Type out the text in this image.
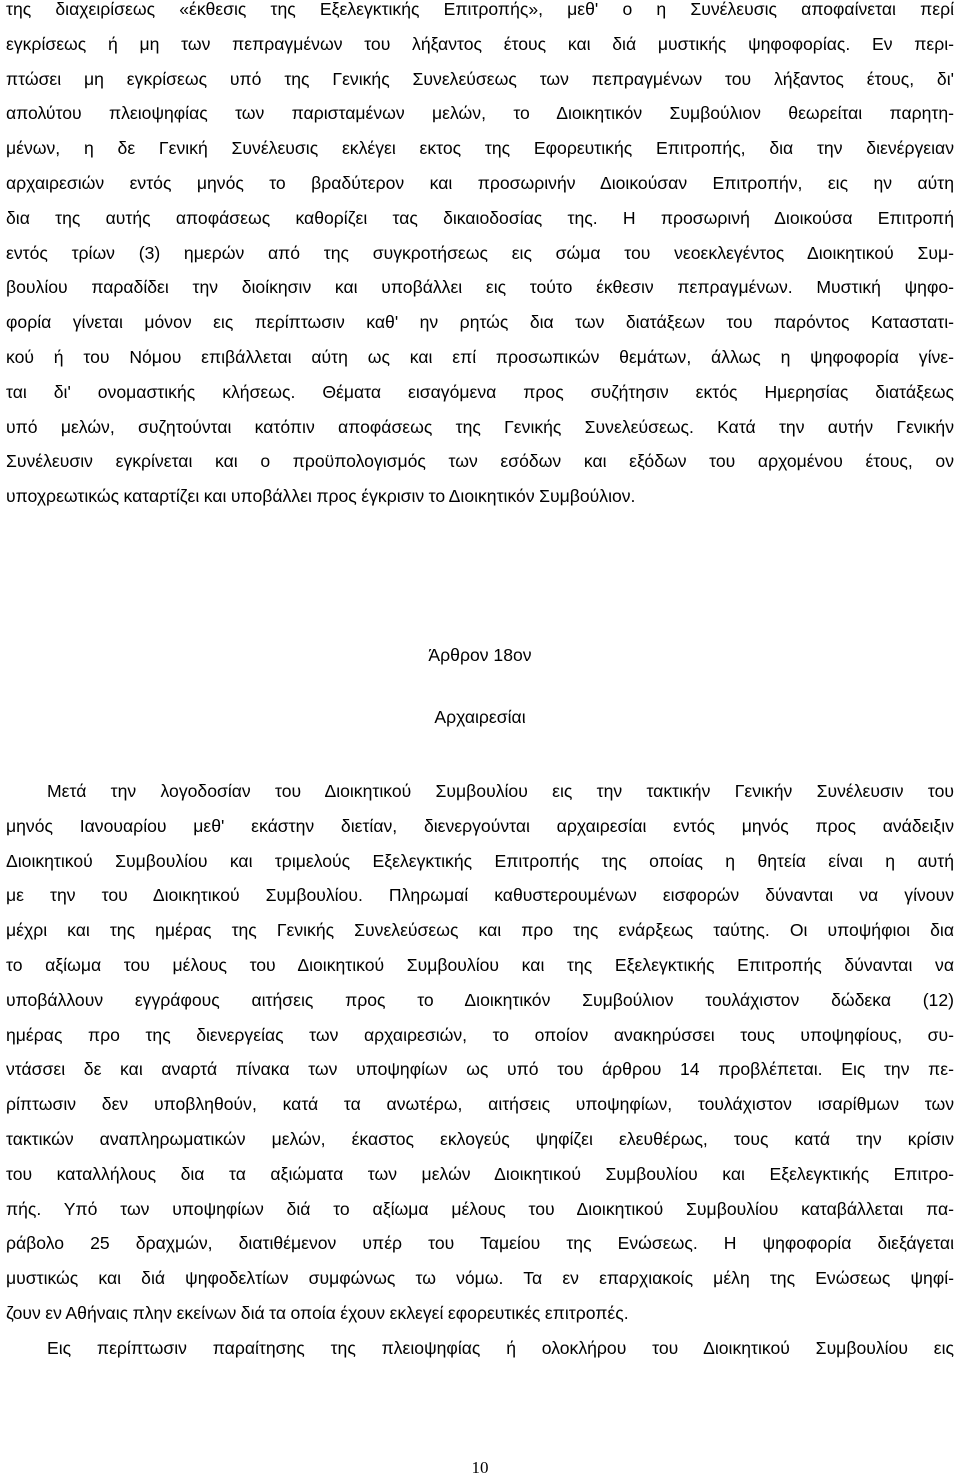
της διαχειρίσεως «έκθεσις της Εξελεγκτικής Επιτροπής», μεθ' ο η Συνέλευσις αποφαίνεται περί
εγκρίσεως ή μη των πεπραγμένων του λήξαντος έτους και διά μυστικής ψηφοφορίας. Εν περι-
πτώσει μη εγκρίσεως υπό της Γενικής Συνελεύσεως των πεπραγμένων του λήξαντος έτους, δι'
απολύτου πλειοψηφίας των παρισταμένων μελών, το Διοικητικόν Συμβούλιον θεωρείται παρητη-
μένων, η δε Γενική Συνέλευσις εκλέγει εκτος της Εφορευτικής Επιτροπής, δια την διενέργειαν
αρχαιρεσιών εντός μηνός το βραδύτερον και προσωρινήν Διοικούσαν Επιτροπήν, εις ην αύτη
δια της αυτής αποφάσεως καθορίζει τας δικαιοδοσίας της. Η προσωρινή Διοικούσα Επιτροπή
εντός τρίων (3) ημερών από της συγκροτήσεως εις σώμα του νεοεκλεγέντος Διοικητικού Συμ-
βουλίου παραδίδει την διοίκησιν και υποβάλλει εις τούτο έκθεσιν πεπραγμένων. Μυστική ψηφο-
φορία γίνεται μόνον εις περίπτωσιν καθ' ην ρητώς δια των διατάξεων του παρόντος Καταστατι-
κού ή του Νόμου επιβάλλεται αύτη ως και επί προσωπικών θεμάτων, άλλως η ψηφοφορία γίνε-
ται δι' ονομαστικής κλήσεως. Θέματα εισαγόμενα προς συζήτησιν εκτός Ημερησίας διατάξεως
υπό μελών, συζητούνται κατόπιν αποφάσεως της Γενικής Συνελεύσεως. Κατά την αυτήν Γενικήν
Συνέλευσιν εγκρίνεται και ο προϋπολογισμός των εσόδων και εξόδων του αρχομένου έτους, ον
υποχρεωτικώς καταρτίζει και υποβάλλει προς έγκρισιν το Διοικητικόν Συμβούλιον.
Άρθρον 18ον
Αρχαιρεσίαι
Μετά την λογοδοσίαν του Διοικητικού Συμβουλίου εις την τακτικήν Γενικήν Συνέλευσιν του
μηνός Ιανουαρίου μεθ' εκάστην διετίαν, διενεργούνται αρχαιρεσίαι εντός μηνός προς ανάδειξιν
Διοικητικού Συμβουλίου και τριμελούς Εξελεγκτικής Επιτροπής της οποίας η θητεία είναι η αυτή
με την του Διοικητικού Συμβουλίου. Πληρωμαί καθυστερουμένων εισφορών δύνανται να γίνουν
μέχρι και της ημέρας της Γενικής Συνελεύσεως και προ της ενάρξεως ταύτης. Οι υποψήφιοι δια
το αξίωμα του μέλους του Διοικητικού Συμβουλίου και της Εξελεγκτικής Επιτροπής δύνανται να
υποβάλλουν εγγράφους αιτήσεις προς το Διοικητικόν Συμβούλιον τουλάχιστον δώδεκα (12)
ημέρας προ της διενεργείας των αρχαιρεσιών, το οποίον ανακηρύσσει τους υποψηφίους, συ-
ντάσσει δε και αναρτά πίνακα των υποψηφίων ως υπό του άρθρου 14 προβλέπεται. Εις την πε-
ρίπτωσιν δεν υποβληθούν, κατά τα ανωτέρω, αιτήσεις υποψηφίων, τουλάχιστον ισαρίθμων των
τακτικών αναπληρωματικών μελών, έκαστος εκλογεύς ψηφίζει ελευθέρως, τους κατά την κρίσιν
του καταλλήλους δια τα αξιώματα των μελών Διοικητικού Συμβουλίου και Εξελεγκτικής Επιτρο-
πής. Υπό των υποψηφίων διά το αξίωμα μέλους του Διοικητικού Συμβουλίου καταβάλλεται πα-
ράβολο 25 δραχμών, διατιθέμενον υπέρ του Ταμείου της Ενώσεως. Η ψηφοφορία διεξάγεται
μυστικώς και διά ψηφοδελτίων συμφώνως τω νόμω. Τα εν επαρχιακοίς μέλη της Ενώσεως ψηφί-
ζουν εν Αθήναις πλην εκείνων διά τα οποία έχουν εκλεγεί εφορευτικές επιτροπές.
Εις περίπτωσιν παραίτησης της πλειοψηφίας ή ολοκλήρου του Διοικητικού Συμβουλίου εις
10
